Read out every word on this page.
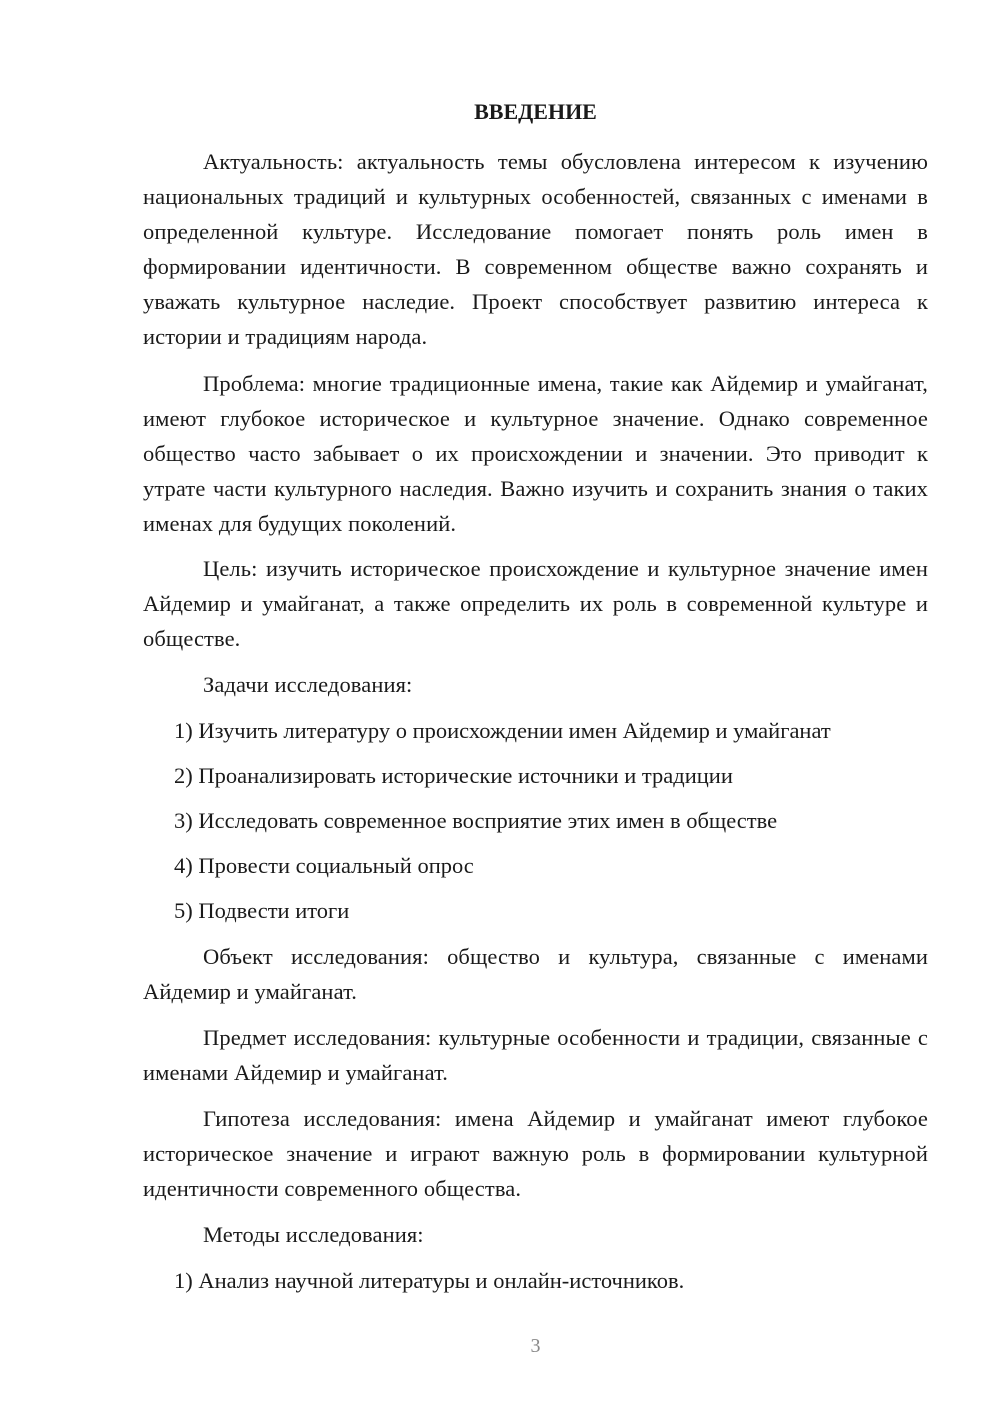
ВВЕДЕНИЕ

Актуальность: актуальность темы обусловлена интересом к изучению национальных традиций и культурных особенностей, связанных с именами в определенной культуре. Исследование помогает понять роль имен в формировании идентичности. В современном обществе важно сохранять и уважать культурное наследие. Проект способствует развитию интереса к истории и традициям народа.

Проблема: многие традиционные имена, такие как Айдемир и умайганат, имеют глубокое историческое и культурное значение. Однако современное общество часто забывает о их происхождении и значении. Это приводит к утрате части культурного наследия. Важно изучить и сохранить знания о таких именах для будущих поколений.

Цель: изучить историческое происхождение и культурное значение имен Айдемир и умайганат, а также определить их роль в современной культуре и обществе.

Задачи исследования:

1) Изучить литературу о происхождении имен Айдемир и умайганат

2) Проанализировать исторические источники и традиции

3) Исследовать современное восприятие этих имен в обществе

4) Провести социальный опрос

5) Подвести итоги

Объект исследования: общество и культура, связанные с именами Айдемир и умайганат.

Предмет исследования: культурные особенности и традиции, связанные с именами Айдемир и умайганат.

Гипотеза исследования: имена Айдемир и умайганат имеют глубокое историческое значение и играют важную роль в формировании культурной идентичности современного общества.

Методы исследования:

1) Анализ научной литературы и онлайн-источников.

3
